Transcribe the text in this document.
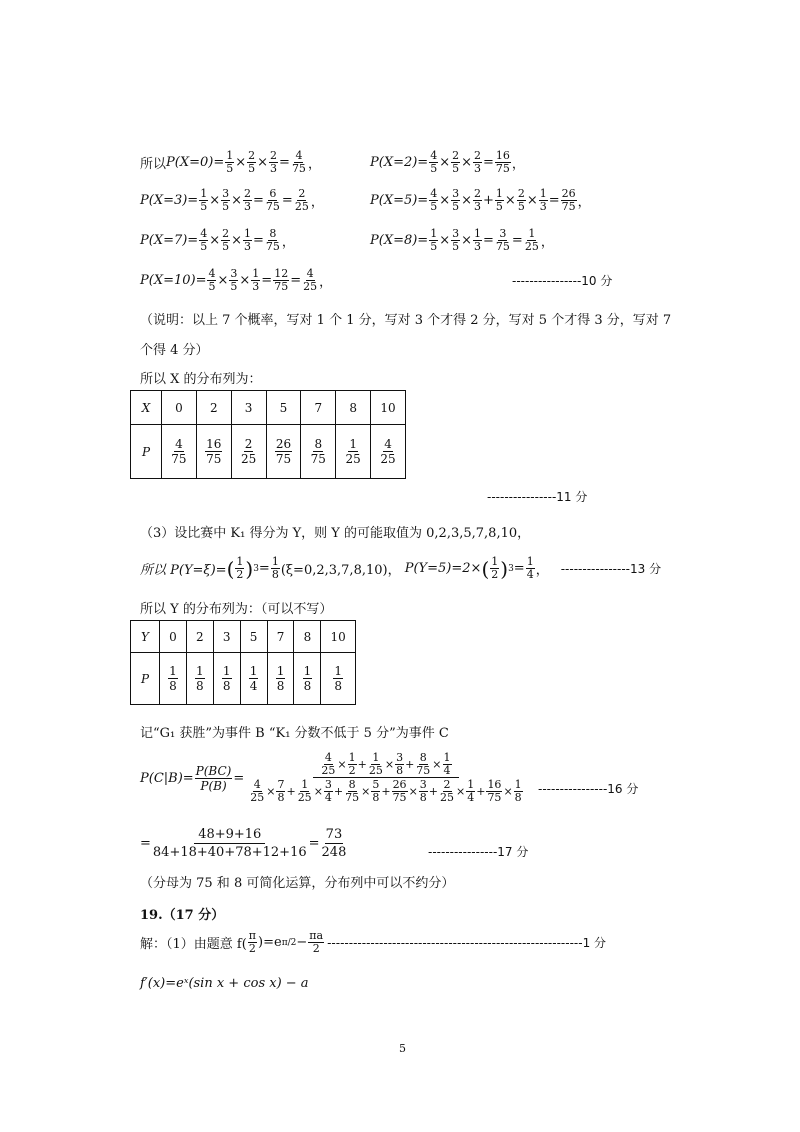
所以 $P(X=0)= \frac{1}{5} \times \frac{2}{5} \times \frac{2}{3} = \frac{4}{75}$ ，	$P(X=2)= \frac{4}{5} \times \frac{2}{5} \times \frac{2}{3} = \frac{16}{75}$ ，
$P(X=3)= \frac{1}{5} \times \frac{3}{5} \times \frac{2}{3} = \frac{6}{75} = \frac{2}{25}$ ，	$P(X=5)= \frac{4}{5} \times \frac{3}{5} \times \frac{2}{3} + \frac{1}{5} \times \frac{2}{5} \times \frac{1}{3} = \frac{26}{75}$ ，
$P(X=7)= \frac{4}{5} \times \frac{2}{5} \times \frac{1}{3} = \frac{8}{75}$ ，	$P(X=8)= \frac{1}{5} \times \frac{3}{5} \times \frac{1}{3} = \frac{3}{75} = \frac{1}{25}$ ，
$P(X=10)= \frac{4}{5} \times \frac{3}{5} \times \frac{1}{3} = \frac{12}{75} = \frac{4}{25}$ ，	----------------10 分
（说明：以上 7 个概率，写对 1 个 1 分，写对 3 个才得 2 分，写对 5 个才得 3 分，写对 7
个得 4 分）
所以 X 的分布列为：
X	0	2	3	5	7	8	10
P	$\frac{4}{75}$	$\frac{16}{75}$	$\frac{2}{25}$	$\frac{26}{75}$	$\frac{8}{75}$	$\frac{1}{25}$	$\frac{4}{25}$
----------------11 分
（3）设比赛中 K₁ 得分为 Y，则 Y 的可能取值为 0,2,3,5,7,8,10，
所以 P(Y=ξ)= ( $\frac{1}{2}$ ) $3 = \frac{1}{8} (\xi=0,2,3,7,8,10)$，
P(Y=5)=2× ( $\frac{1}{2}$ ) $3 = \frac{1}{4}$ ， ----------------13 分
所以 Y 的分布列为：（可以不写）
Y	0	2	3	5	7	8	10
P	$\frac{1}{8}$	$\frac{1}{8}$	$\frac{1}{8}$	$\frac{1}{4}$	$\frac{1}{8}$	$\frac{1}{8}$	$\frac{1}{8}$
记“G₁ 获胜”为事件 B “K₁ 分数不低于 5 分”为事件 C
$P(C|B)= \frac{P(BC)}{P(B)}$ =
$\frac{4}{25} \times \frac{1}{2} + \frac{1}{25} \times \frac{3}{8} + \frac{8}{75} \times \frac{1}{4}$
$\frac{4}{25} \times \frac{7}{8} + \frac{1}{25} \times \frac{3}{4} + \frac{8}{75} \times \frac{5}{8} + \frac{26}{75} \times \frac{3}{8} + \frac{2}{25} \times \frac{1}{4} + \frac{16}{75} \times \frac{1}{8} ----------------16$ 分
= $\frac{48+9+16}{84+18+40+78+12+16} = \frac{73}{248}$	----------------17 分
（分母为 75 和 8 可简化运算，分布列中可以不约分）
19.（17 分）
解：（1）由题意 $f( \frac{\pi}{2} )=e$ $\pi/2 - \frac{\pi a}{2} -----------------------------------------------------------1$ 分
f′(x)=eˣ(sin x + cos x) − a
5
